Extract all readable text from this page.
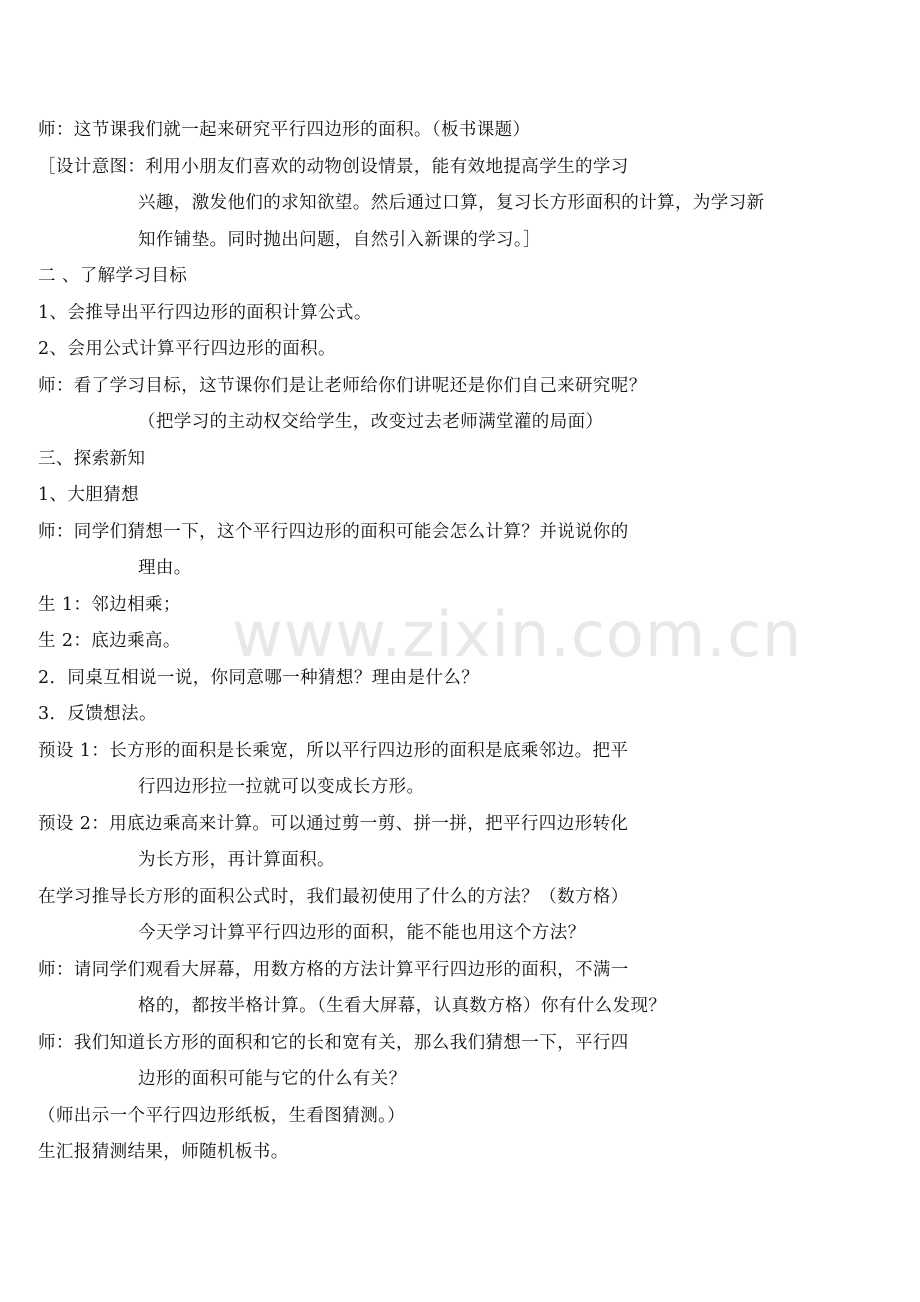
师：这节课我们就一起来研究平行四边形的面积。（板书课题）

［设计意图：利用小朋友们喜欢的动物创设情景，能有效地提高学生的学习

兴趣，激发他们的求知欲望。然后通过口算，复习长方形面积的计算，为学习新

知作铺垫。同时抛出问题，自然引入新课的学习。］

二 、了解学习目标

1、会推导出平行四边形的面积计算公式。

2、会用公式计算平行四边形的面积。

师：看了学习目标，这节课你们是让老师给你们讲呢还是你们自己来研究呢？

（把学习的主动权交给学生，改变过去老师满堂灌的局面）

三、探索新知

1、大胆猜想

师：同学们猜想一下，这个平行四边形的面积可能会怎么计算？并说说你的

理由。

生 1：邻边相乘；

生 2：底边乘高。

2．同桌互相说一说，你同意哪一种猜想？理由是什么？

3．反馈想法。

预设 1：长方形的面积是长乘宽，所以平行四边形的面积是底乘邻边。把平

行四边形拉一拉就可以变成长方形。

预设 2：用底边乘高来计算。可以通过剪一剪、拼一拼，把平行四边形转化

为长方形，再计算面积。

在学习推导长方形的面积公式时，我们最初使用了什么的方法？（数方格）

今天学习计算平行四边形的面积，能不能也用这个方法？

师：请同学们观看大屏幕，用数方格的方法计算平行四边形的面积，不满一

格的，都按半格计算。（生看大屏幕，认真数方格）你有什么发现？

师：我们知道长方形的面积和它的长和宽有关，那么我们猜想一下，平行四

边形的面积可能与它的什么有关？

（师出示一个平行四边形纸板，生看图猜测。）

生汇报猜测结果，师随机板书。

www.zixin.com.cn
